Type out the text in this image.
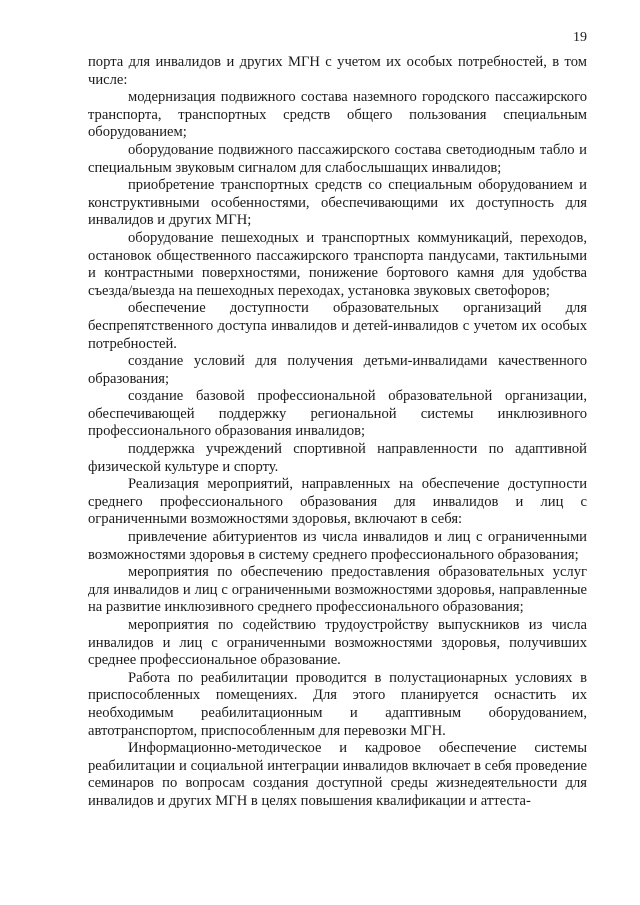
19

порта для инвалидов и других МГН с учетом их особых потребностей, в том числе:

модернизация подвижного состава наземного городского пассажирского транспорта, транспортных средств общего пользования специальным оборудованием;

оборудование подвижного пассажирского состава светодиодным табло и специальным звуковым сигналом для слабослышащих инвалидов;

приобретение транспортных средств со специальным оборудованием и конструктивными особенностями, обеспечивающими их доступность для инвалидов и других МГН;

оборудование пешеходных и транспортных коммуникаций, переходов, остановок общественного пассажирского транспорта пандусами, тактильными и контрастными поверхностями, понижение бортового камня для удобства съезда/выезда на пешеходных переходах, установка звуковых светофоров;

обеспечение доступности образовательных организаций для беспрепятственного доступа инвалидов и детей-инвалидов с учетом их особых потребностей.

создание условий для получения детьми-инвалидами качественного образования;

создание базовой профессиональной образовательной организации, обеспечивающей поддержку региональной системы инклюзивного профессионального образования инвалидов;

поддержка учреждений спортивной направленности по адаптивной физической культуре и спорту.

Реализация мероприятий, направленных на обеспечение доступности среднего профессионального образования для инвалидов и лиц с ограниченными возможностями здоровья, включают в себя:

привлечение абитуриентов из числа инвалидов и лиц с ограниченными возможностями здоровья в систему среднего профессионального образования;

мероприятия по обеспечению предоставления образовательных услуг для инвалидов и лиц с ограниченными возможностями здоровья, направленные на развитие инклюзивного среднего профессионального образования;

мероприятия по содействию трудоустройству выпускников из числа инвалидов и лиц с ограниченными возможностями здоровья, получивших среднее профессиональное образование.

Работа по реабилитации проводится в полустационарных условиях в приспособленных помещениях. Для этого планируется оснастить их необходимым реабилитационным и адаптивным оборудованием, автотранспортом, приспособленным для перевозки МГН.

Информационно-методическое и кадровое обеспечение системы реабилитации и социальной интеграции инвалидов включает в себя проведение семинаров по вопросам создания доступной среды жизнедеятельности для инвалидов и других МГН в целях повышения квалификации и аттеста-
